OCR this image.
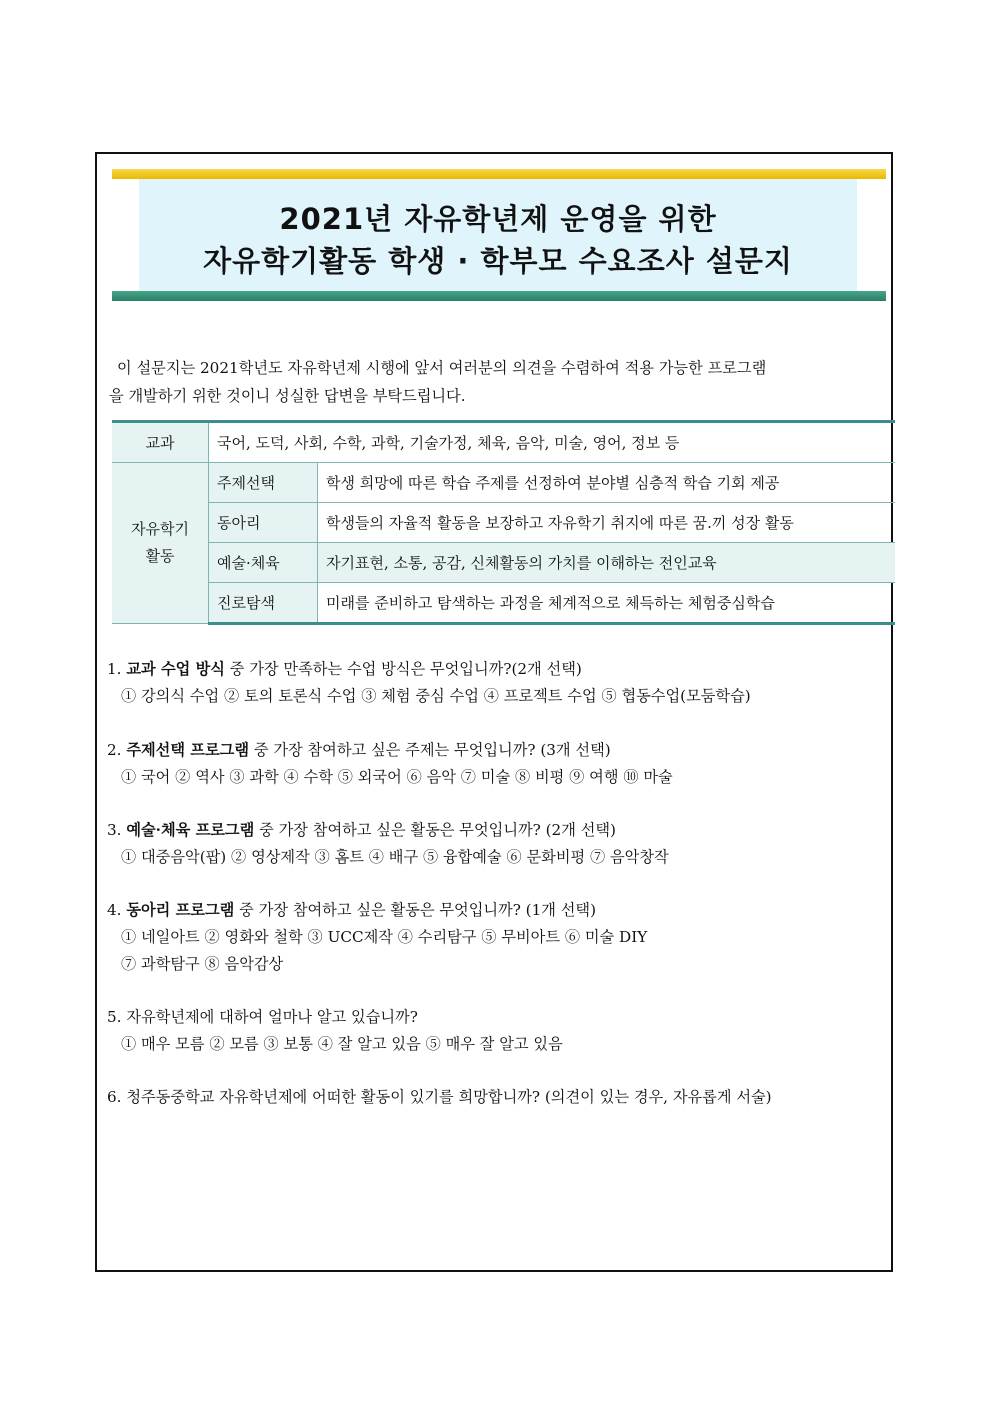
2021년 자유학년제 운영을 위한
자유학기활동 학생 · 학부모 수요조사 설문지
이 설문지는 2021학년도 자유학년제 시행에 앞서 여러분의 의견을 수렴하여 적용 가능한 프로그램
을 개발하기 위한 것이니 성실한 답변을 부탁드립니다.
교과	국어, 도덕, 사회, 수학, 과학, 기술가정, 체육, 음악, 미술, 영어, 정보 등	
자유학기
활동	주제선택	학생 희망에 따른 학습 주제를 선정하여 분야별 심층적 학습 기회 제공
	동아리	학생들의 자율적 활동을 보장하고 자유학기 취지에 따른 꿈.끼 성장 활동
	예술·체육	자기표현, 소통, 공감, 신체활동의 가치를 이해하는 전인교육
	진로탐색	미래를 준비하고 탐색하는 과정을 체계적으로 체득하는 체험중심학습
1. 교과 수업 방식 중 가장 만족하는 수업 방식은 무엇입니까?(2개 선택)
① 강의식 수업 ② 토의 토론식 수업 ③ 체험 중심 수업 ④ 프로젝트 수업 ⑤ 협동수업(모둠학습)
2. 주제선택 프로그램 중 가장 참여하고 싶은 주제는 무엇입니까? (3개 선택)
① 국어 ② 역사 ③ 과학 ④ 수학 ⑤ 외국어 ⑥ 음악 ⑦ 미술 ⑧ 비평 ⑨ 여행 ⑩ 마술
3. 예술·체육 프로그램 중 가장 참여하고 싶은 활동은 무엇입니까? (2개 선택)
① 대중음악(팝) ② 영상제작 ③ 홈트 ④ 배구 ⑤ 융합예술 ⑥ 문화비평 ⑦ 음악창작
4. 동아리 프로그램 중 가장 참여하고 싶은 활동은 무엇입니까? (1개 선택)
① 네일아트 ② 영화와 철학 ③ UCC제작 ④ 수리탐구 ⑤ 무비아트 ⑥ 미술 DIY
⑦ 과학탐구 ⑧ 음악감상
5. 자유학년제에 대하여 얼마나 알고 있습니까?
① 매우 모름 ② 모름 ③ 보통 ④ 잘 알고 있음 ⑤ 매우 잘 알고 있음
6. 청주동중학교 자유학년제에 어떠한 활동이 있기를 희망합니까? (의견이 있는 경우, 자유롭게 서술)
